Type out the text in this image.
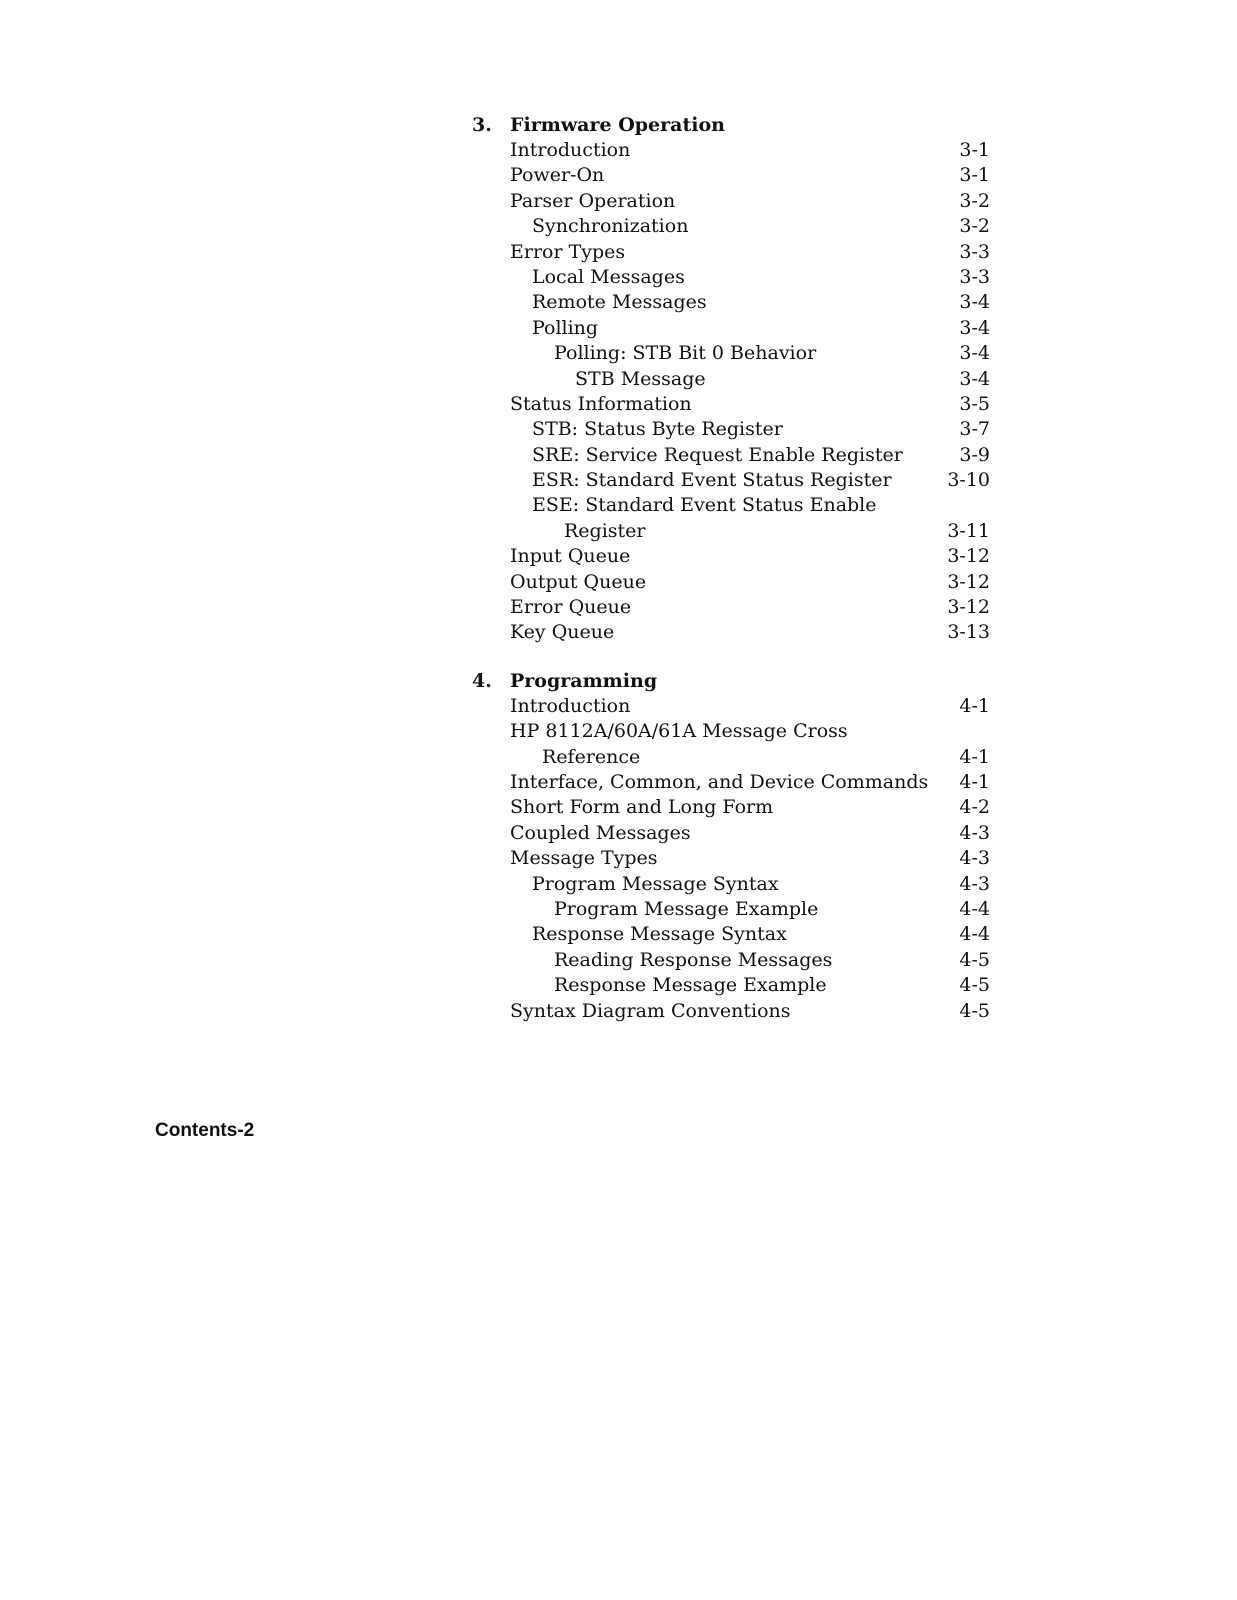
3. Firmware Operation
Introduction	3-1
Power-On	3-1
Parser Operation	3-2
Synchronization	3-2
Error Types	3-3
Local Messages	3-3
Remote Messages	3-4
Polling	3-4
Polling: STB Bit 0 Behavior	3-4
STB Message	3-4
Status Information	3-5
STB: Status Byte Register	3-7
SRE: Service Request Enable Register	3-9
ESR: Standard Event Status Register	3-10
ESE: Standard Event Status Enable
Register	3-11
Input Queue	3-12
Output Queue	3-12
Error Queue	3-12
Key Queue	3-13
4. Programming
Introduction	4-1
HP 8112A/60A/61A Message Cross
Reference	4-1
Interface, Common, and Device Commands	4-1
Short Form and Long Form	4-2
Coupled Messages	4-3
Message Types	4-3
Program Message Syntax	4-3
Program Message Example	4-4
Response Message Syntax	4-4
Reading Response Messages	4-5
Response Message Example	4-5
Syntax Diagram Conventions	4-5
Contents-2
